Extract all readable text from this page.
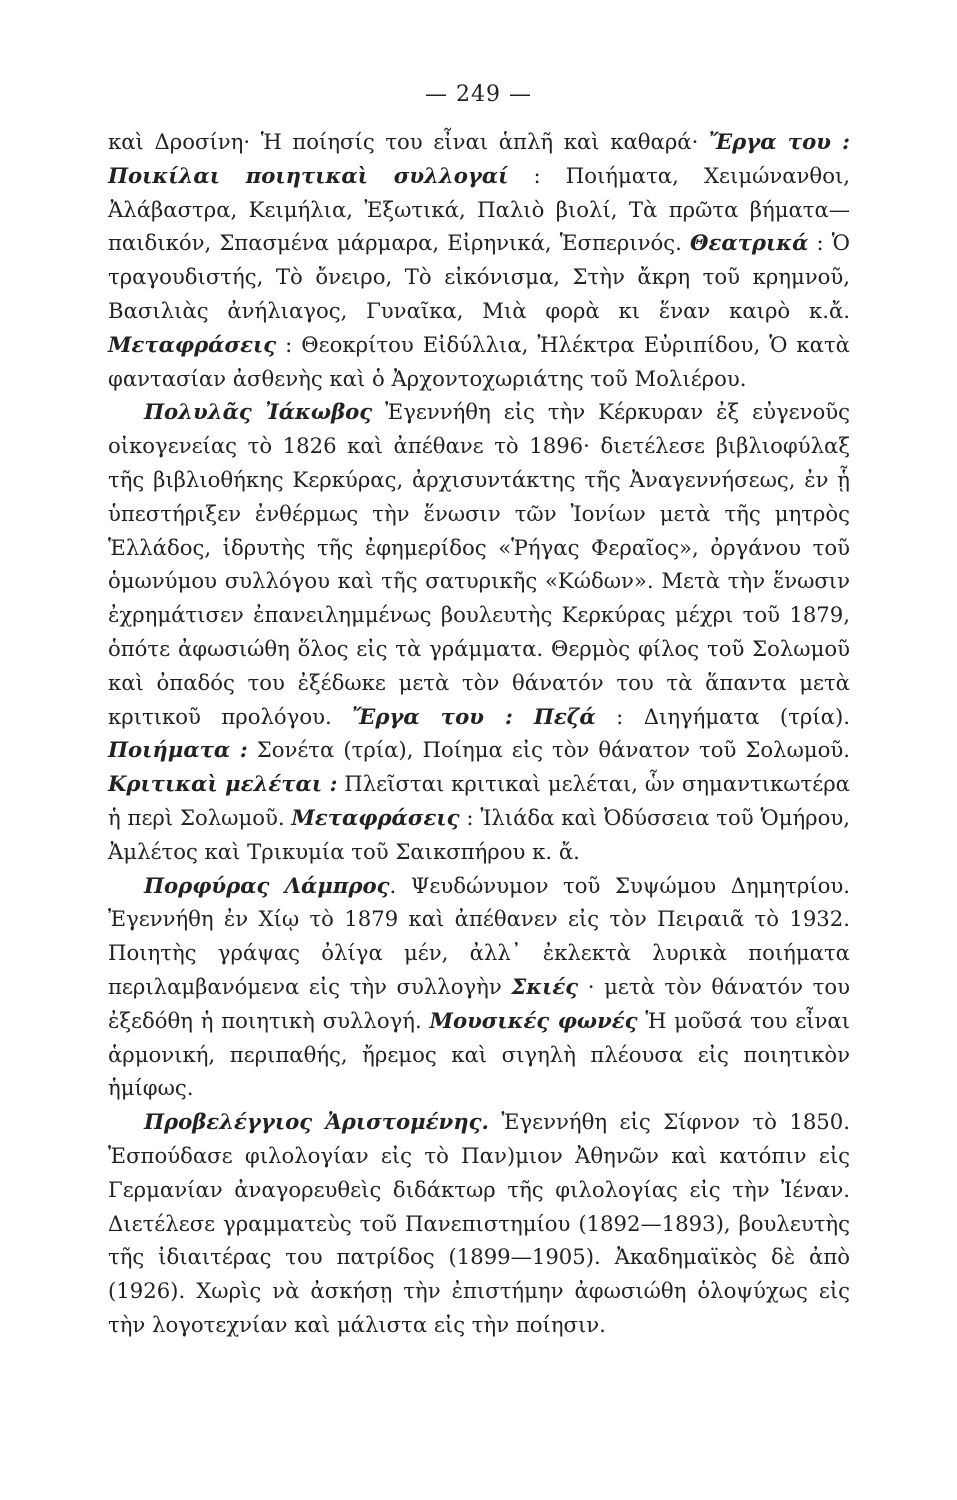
— 249 —

καὶ Δροσίνη· Ἡ ποίησίς του εἶναι ἁπλῆ καὶ καθαρά· Ἔργα του : Ποικίλαι ποιητικαὶ συλλογαί : Ποιήματα, Χειμώνανθοι, Ἀλάβαστρα, Κειμήλια, Ἐξωτικά, Παλιὸ βιολί, Τὰ πρῶτα βήματα—παιδικόν, Σπασμένα μάρμαρα, Εἰρηνικά, Ἑσπερινός. Θεατρικά : Ὁ τραγουδιστής, Τὸ ὄνειρο, Τὸ εἰκόνισμα, Στὴν ἄκρη τοῦ κρημνοῦ, Βασιλιὰς ἀνήλιαγος, Γυναῖκα, Μιὰ φορὰ κι ἕναν καιρὸ κ.ἄ. Μεταφράσεις : Θεοκρίτου Εἰδύλλια, Ἠλέκτρα Εὐριπίδου, Ὁ κατὰ φαντασίαν ἀσθενὴς καὶ ὁ Ἀρχοντοχωριάτης τοῦ Μολιέρου.

Πολυλᾶς Ἰάκωβος Ἐγεννήθη εἰς τὴν Κέρκυραν ἐξ εὐγενοῦς οἰκογενείας τὸ 1826 καὶ ἀπέθανε τὸ 1896· διετέλεσε βιβλιοφύλαξ τῆς βιβλιοθήκης Κερκύρας, ἀρχισυντάκτης τῆς Ἀναγεννήσεως, ἐν ᾗ ὑπεστήριξεν ἐνθέρμως τὴν ἕνωσιν τῶν Ἰονίων μετὰ τῆς μητρὸς Ἑλλάδος, ἱδρυτὴς τῆς ἐφημερίδος «Ῥήγας Φεραῖος», ὀργάνου τοῦ ὁμωνύμου συλλόγου καὶ τῆς σατυρικῆς «Κώδων». Μετὰ τὴν ἕνωσιν ἐχρημάτισεν ἐπανειλημμένως βουλευτὴς Κερκύρας μέχρι τοῦ 1879, ὁπότε ἀφωσιώθη ὅλος εἰς τὰ γράμματα. Θερμὸς φίλος τοῦ Σολωμοῦ καὶ ὀπαδός του ἐξέδωκε μετὰ τὸν θάνατόν του τὰ ἅπαντα μετὰ κριτικοῦ προλόγου. Ἔργα του : Πεζά : Διηγήματα (τρία). Ποιήματα : Σονέτα (τρία), Ποίημα εἰς τὸν θάνατον τοῦ Σολωμοῦ. Κριτικαὶ μελέται : Πλεῖσται κριτικαὶ μελέται, ὧν σημαντικωτέρα ἡ περὶ Σολωμοῦ. Μεταφράσεις : Ἰλιάδα καὶ Ὀδύσσεια τοῦ Ὁμήρου, Ἀμλέτος καὶ Τρικυμία τοῦ Σαικσπήρου κ. ἄ.

Πορφύρας Λάμπρος. Ψευδώνυμον τοῦ Συψώμου Δημητρίου. Ἐγεννήθη ἐν Χίῳ τὸ 1879 καὶ ἀπέθανεν εἰς τὸν Πειραιᾶ τὸ 1932. Ποιητὴς γράψας ὀλίγα μέν, ἀλλ᾽ ἐκλεκτὰ λυρικὰ ποιήματα περιλαμβανόμενα εἰς τὴν συλλογὴν Σκιές · μετὰ τὸν θάνατόν του ἐξεδόθη ἡ ποιητικὴ συλλογή. Μουσικές φωνές Ἡ μοῦσά του εἶναι ἁρμονική, περιπαθής, ἤρεμος καὶ σιγηλὴ πλέουσα εἰς ποιητικὸν ἡμίφως.

Προβελέγγιος Ἀριστομένης. Ἐγεννήθη εἰς Σίφνον τὸ 1850. Ἐσπούδασε φιλολογίαν εἰς τὸ Παν)μιον Ἀθηνῶν καὶ κατόπιν εἰς Γερμανίαν ἀναγορευθεὶς διδάκτωρ τῆς φιλολογίας εἰς τὴν Ἰέναν. Διετέλεσε γραμματεὺς τοῦ Πανεπιστημίου (1892—1893), βουλευτὴς τῆς ἰδιαιτέρας του πατρίδος (1899—1905). Ἀκαδημαϊκὸς δὲ ἀπὸ (1926). Χωρὶς νὰ ἀσκήσῃ τὴν ἐπιστήμην ἀφωσιώθη ὁλοψύχως εἰς τὴν λογοτεχνίαν καὶ μάλιστα εἰς τὴν ποίησιν.
